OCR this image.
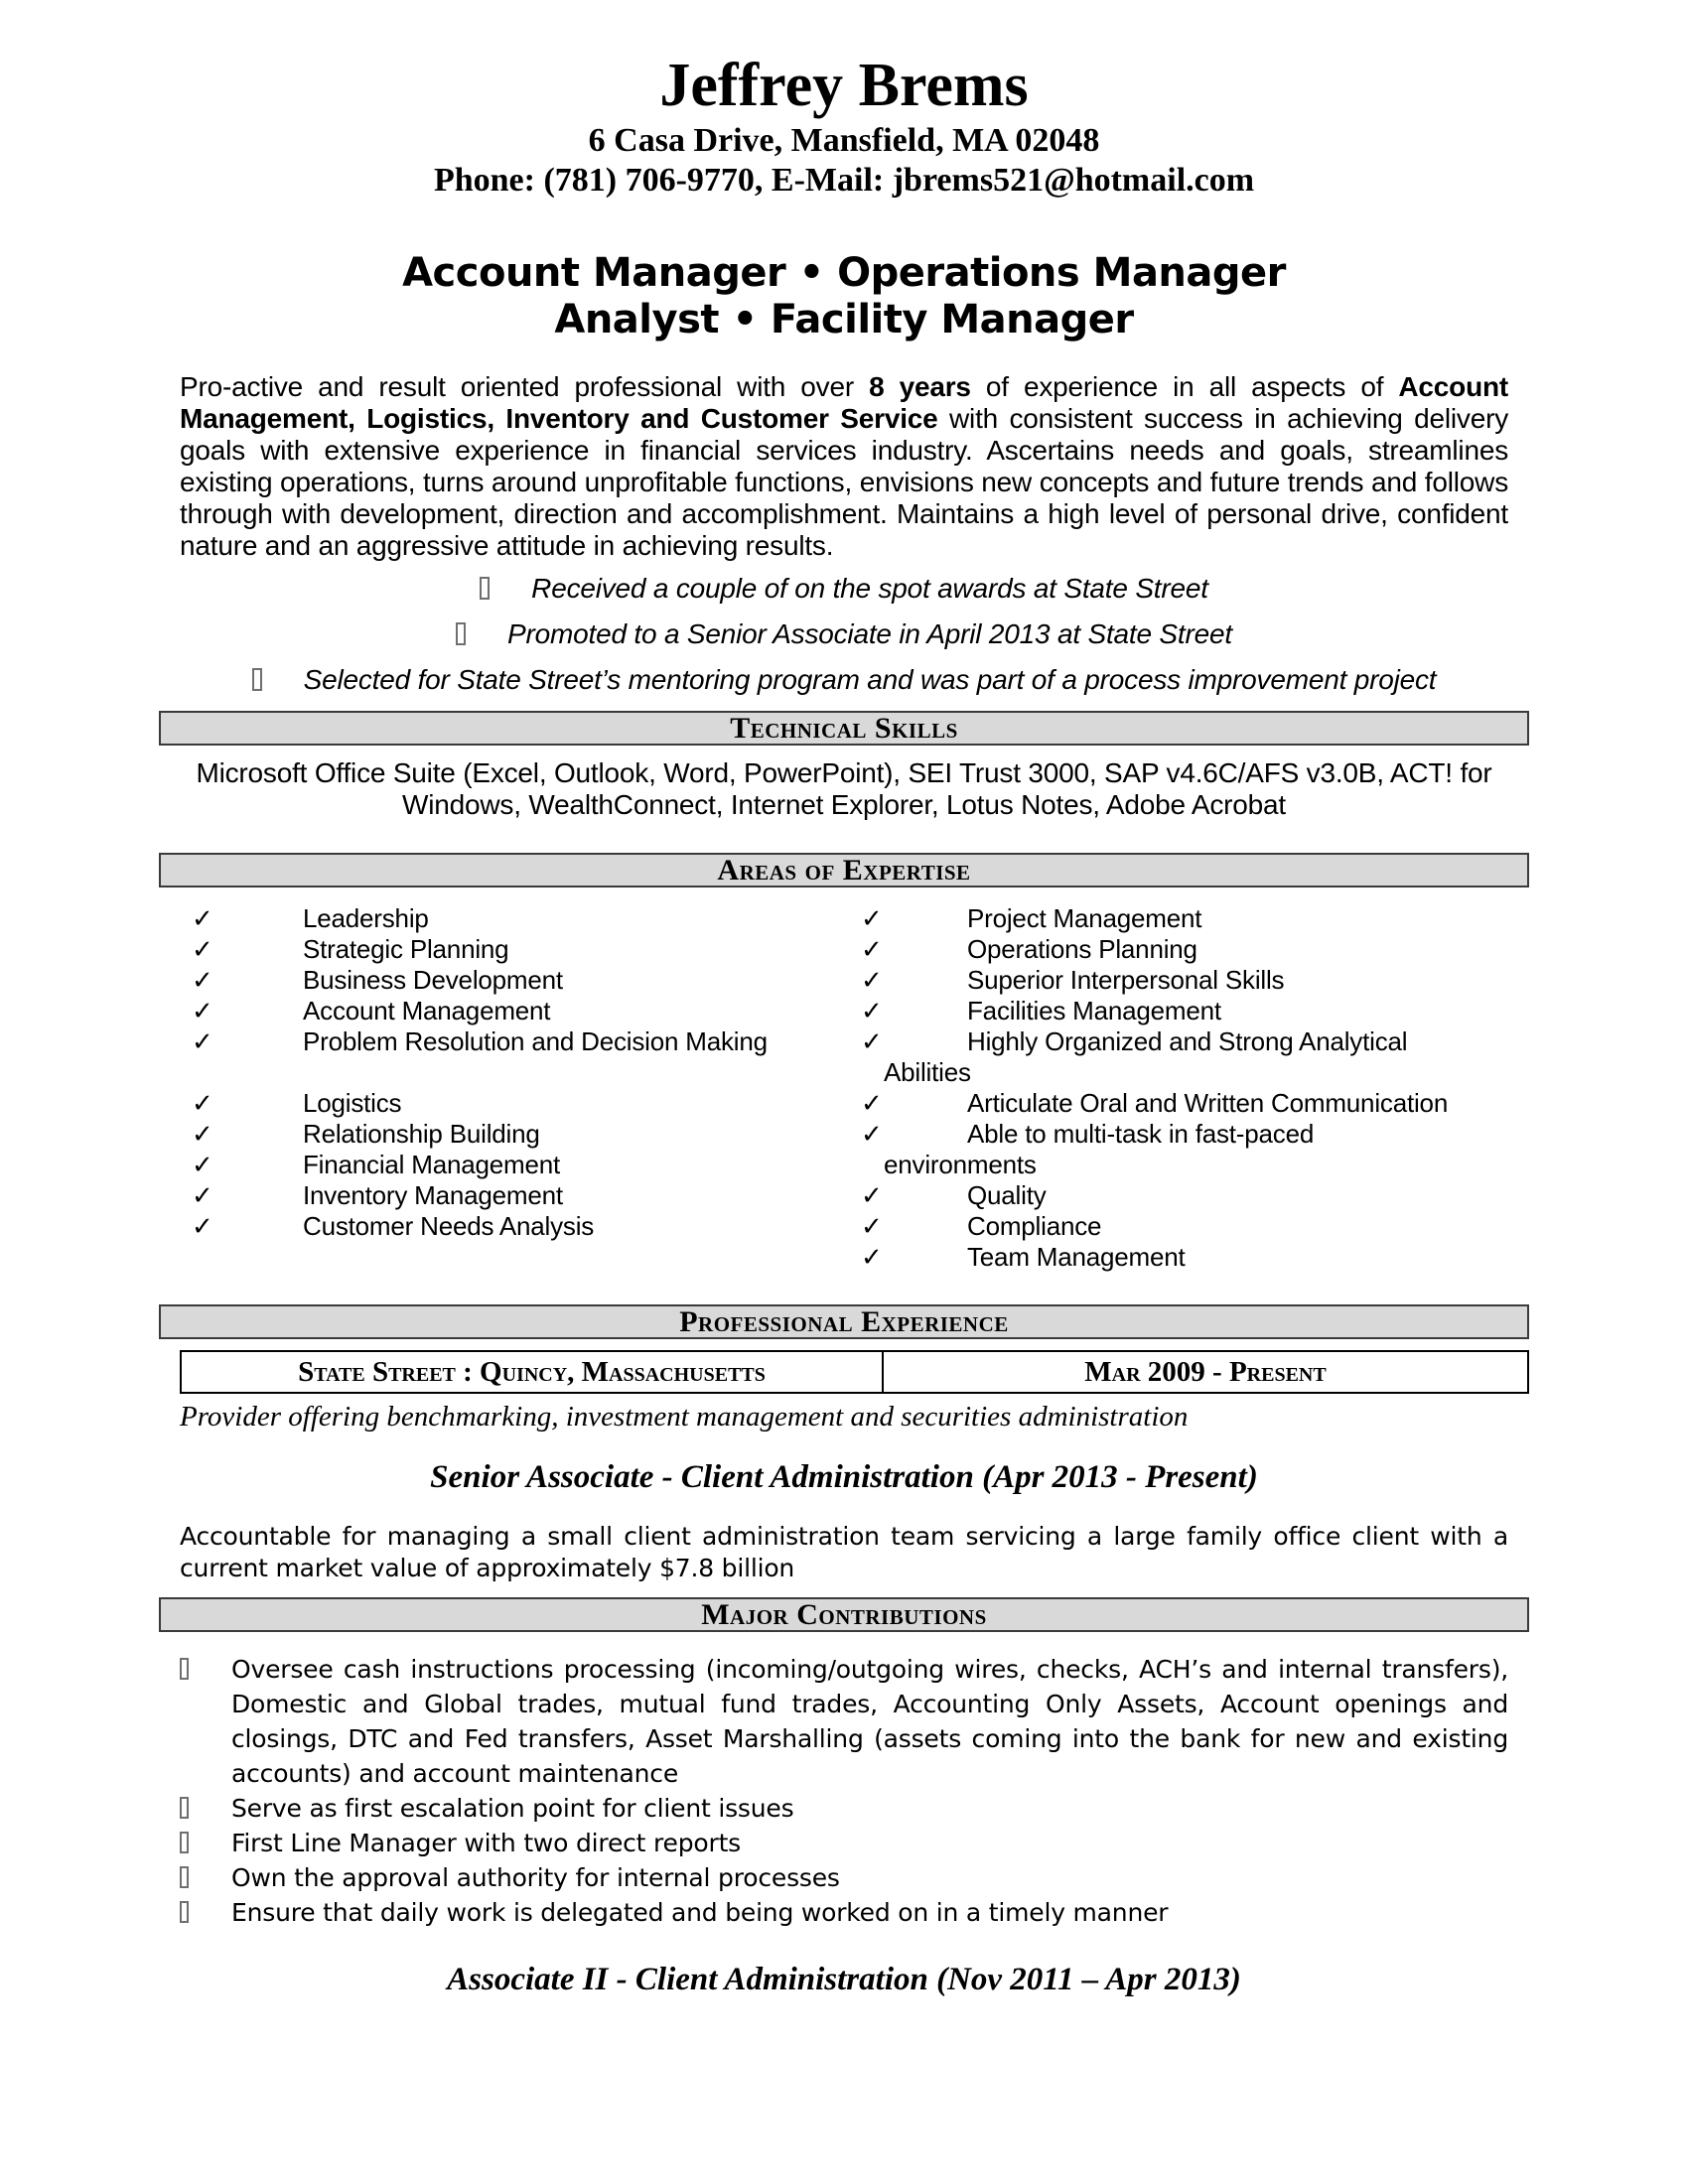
Jeffrey Brems
6 Casa Drive, Mansfield, MA 02048
Phone: (781) 706-9770, E-Mail: jbrems521@hotmail.com
Account Manager • Operations Manager
Analyst • Facility Manager
Pro-active and result oriented professional with over 8 years of experience in all aspects of Account Management, Logistics, Inventory and Customer Service with consistent success in achieving delivery goals with extensive experience in financial services industry. Ascertains needs and goals, streamlines existing operations, turns around unprofitable functions, envisions new concepts and future trends and follows through with development, direction and accomplishment. Maintains a high level of personal drive, confident nature and an aggressive attitude in achieving results.
Received a couple of on the spot awards at State Street
Promoted to a Senior Associate in April 2013 at State Street
Selected for State Street’s mentoring program and was part of a process improvement project
Technical Skills
Microsoft Office Suite (Excel, Outlook, Word, PowerPoint), SEI Trust 3000, SAP v4.6C/AFS v3.0B, ACT! for Windows, WealthConnect, Internet Explorer, Lotus Notes, Adobe Acrobat
Areas of Expertise
✓	Leadership
✓	Strategic Planning
✓	Business Development
✓	Account Management
✓	Problem Resolution and Decision Making
✓	Logistics
✓	Relationship Building
✓	Financial Management
✓	Inventory Management
✓	Customer Needs Analysis
✓	Project Management
✓	Operations Planning
✓	Superior Interpersonal Skills
✓	Facilities Management
✓	Highly Organized and Strong Analytical
Abilities
✓	Articulate Oral and Written Communication
✓	Able to multi-task in fast-paced
environments
✓	Quality
✓	Compliance
✓	Team Management
Professional Experience
State Street : Quincy, Massachusetts	Mar 2009 - Present
Provider offering benchmarking, investment management and securities administration
Senior Associate - Client Administration (Apr 2013 - Present)
Accountable for managing a small client administration team servicing a large family office client with a current market value of approximately $7.8 billion
Major Contributions
Oversee cash instructions processing (incoming/outgoing wires, checks, ACH’s and internal transfers), Domestic and Global trades, mutual fund trades, Accounting Only Assets, Account openings and closings, DTC and Fed transfers, Asset Marshalling (assets coming into the bank for new and existing accounts) and account maintenance
Serve as first escalation point for client issues
First Line Manager with two direct reports
Own the approval authority for internal processes
Ensure that daily work is delegated and being worked on in a timely manner
Associate II - Client Administration (Nov 2011 – Apr 2013)
